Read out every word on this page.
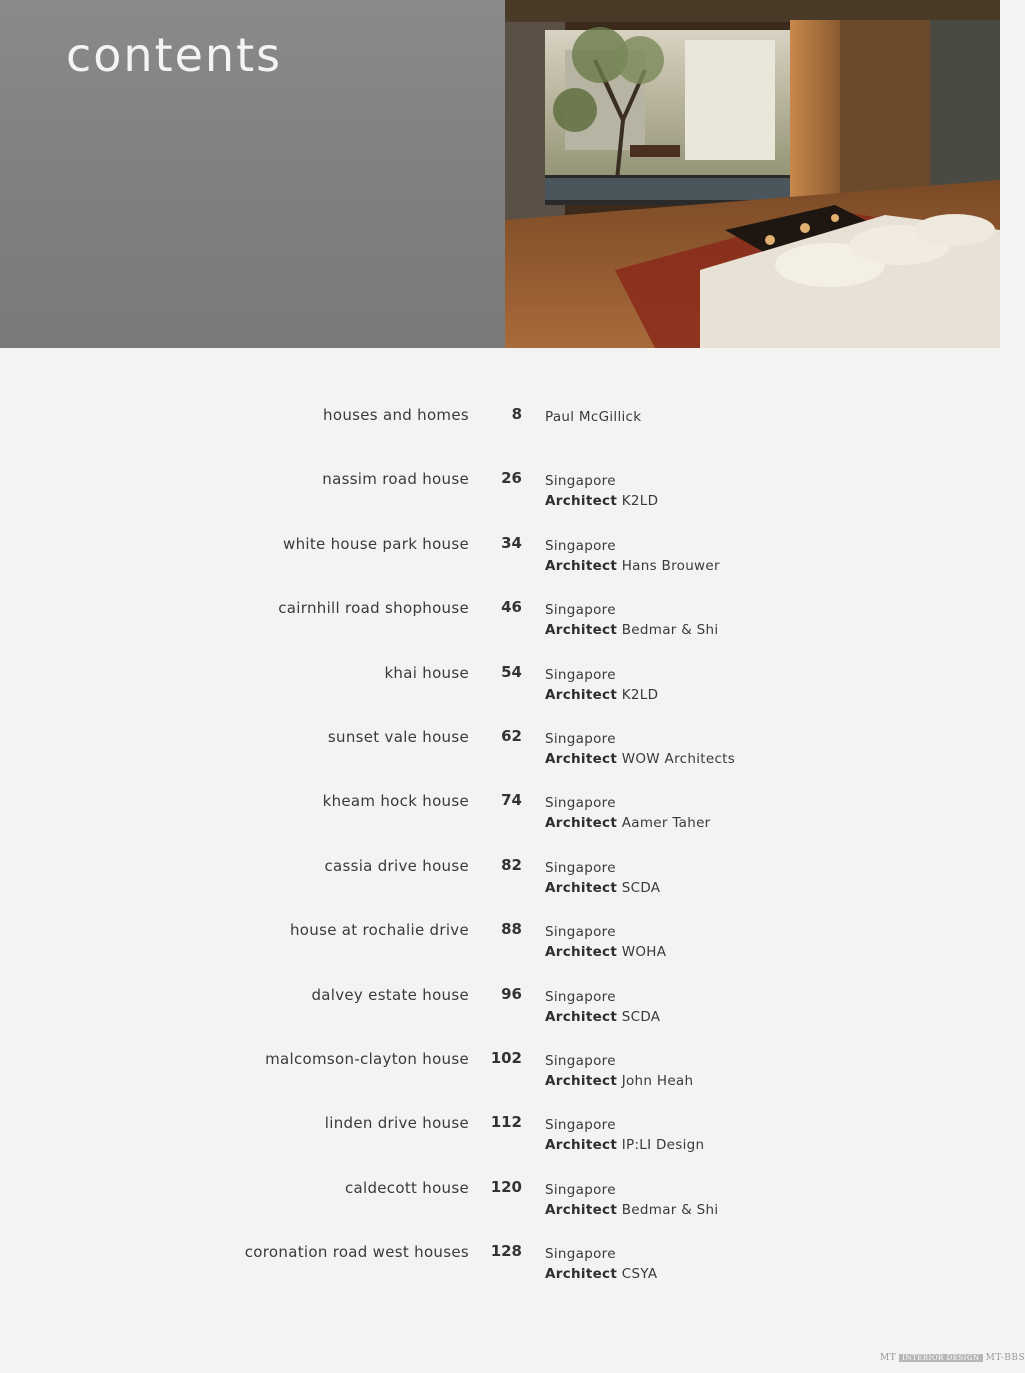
contents
houses and homes	8 Paul McGillick
nassim road house 26 Singapore
Architect K2LD
white house park house 34 Singapore
Architect Hans Brouwer
cairnhill road shophouse 46 Singapore
Architect Bedmar & Shi
khai house 54 Singapore
Architect K2LD
sunset vale house 62 Singapore
Architect WOW Architects
kheam hock house 74 Singapore
Architect Aamer Taher
cassia drive house 82 Singapore
Architect SCDA
house at rochalie drive 88 Singapore
Architect WOHA
dalvey estate house 96 Singapore
Architect SCDA
malcomson-clayton house 102 Singapore
Architect John Heah
linden drive house 112 Singapore
Architect IP:LI Design
caldecott house 120 Singapore
Architect Bedmar & Shi
coronation road west houses 128 Singapore
Architect CSYA
MT INTERIOR DESIGN MT-BBS
